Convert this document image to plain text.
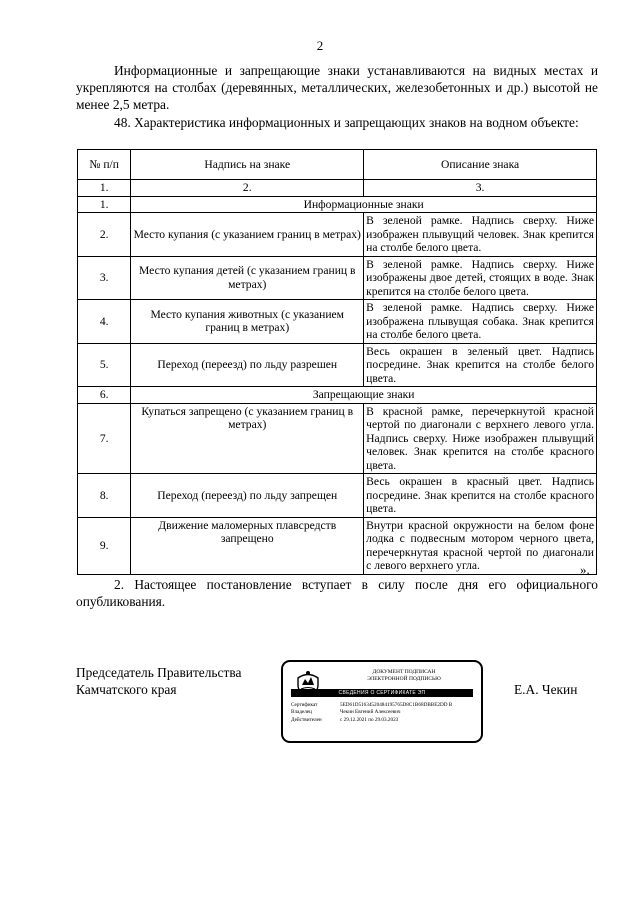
2
Информационные и запрещающие знаки устанавливаются на видных местах и укрепляются на столбах (деревянных, металлических, железобетонных и др.) высотой не менее 2,5 метра.
48. Характеристика информационных и запрещающих знаков на водном объекте:
№ п/п	Надпись на знаке	Описание знака
1.	2.	3.
1.	Информационные знаки	
2.	Место купания (с указанием границ в метрах)	В зеленой рамке. Надпись сверху. Ниже изображен плывущий человек. Знак крепится на столбе белого цвета.
3.	Место купания детей (с указанием границ в метрах)	В зеленой рамке. Надпись сверху. Ниже изображены двое детей, стоящих в воде. Знак крепится на столбе белого цвета.
4.	Место купания животных (с указанием границ в метрах)	В зеленой рамке. Надпись сверху. Ниже изображена плывущая собака. Знак крепится на столбе белого цвета.
5.	Переход (переезд) по льду разрешен	Весь окрашен в зеленый цвет. Надпись посредине. Знак крепится на столбе белого цвета.
6.	Запрещающие знаки	
7.	Купаться запрещено (с указанием границ в метрах)	В красной рамке, перечеркнутой красной чертой по диагонали с верхнего левого угла. Надпись сверху. Ниже изображен плывущий человек. Знак крепится на столбе красного цвета.
8.	Переход (переезд) по льду запрещен	Весь окрашен в красный цвет. Надпись посредине. Знак крепится на столбе красного цвета.
9.	Движение маломерных плавсредств запрещено	Внутри красной окружности на белом фоне лодка с подвесным мотором черного цвета, перечеркнутая красной чертой по диагонали с левого верхнего угла.	».
2. Настоящее постановление вступает в силу после дня его официального опубликования.
Председатель Правительства
Камчатского края
ДОКУМЕНТ ПОДПИСАН
ЭЛЕКТРОННОЙ ПОДПИСЬЮ
СВЕДЕНИЯ О СЕРТИФИКАТЕ ЭП
Сертификат	5ED61D51634520484195765D8C1B68DBBE2DD B
Владелец	Чекин Евгений Алексеевич
Действителен	с 29.12.2021 по 29.03.2023
Е.А. Чекин
